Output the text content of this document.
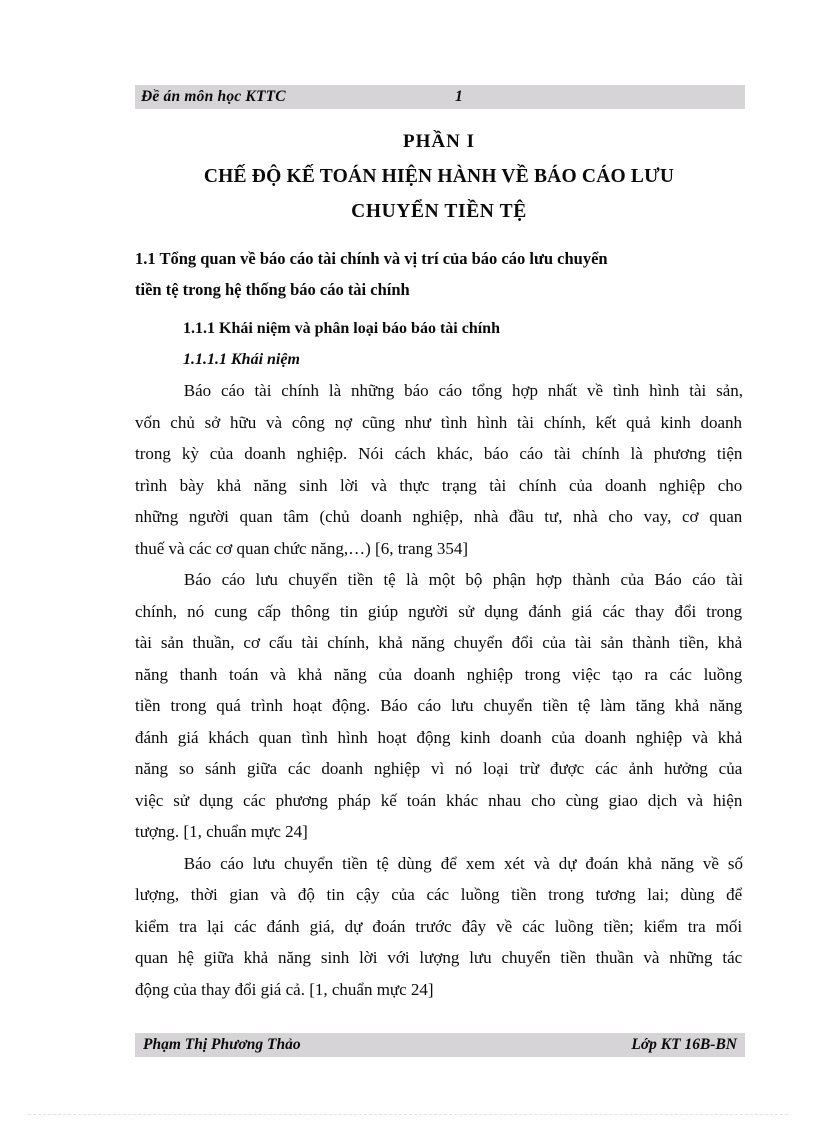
Đề án môn học KTTC	1
PHẦN I
CHẾ ĐỘ KẾ TOÁN HIỆN HÀNH VỀ BÁO CÁO LƯU
CHUYỂN TIỀN TỆ
1.1 Tổng quan về báo cáo tài chính và vị trí của báo cáo lưu chuyển
tiền tệ trong hệ thống báo cáo tài chính
1.1.1 Khái niệm và phân loại báo báo tài chính
1.1.1.1 Khái niệm
Báo cáo tài chính là những báo cáo tổng hợp nhất về tình hình tài sản,
vốn chủ sở hữu và công nợ cũng như tình hình tài chính, kết quả kinh doanh
trong kỳ của doanh nghiệp. Nói cách khác, báo cáo tài chính là phương tiện
trình bày khả năng sinh lời và thực trạng tài chính của doanh nghiệp cho
những người quan tâm (chủ doanh nghiệp, nhà đầu tư, nhà cho vay, cơ quan
thuế và các cơ quan chức năng,…) [6, trang 354]
Báo cáo lưu chuyển tiền tệ là một bộ phận hợp thành của Báo cáo tài
chính, nó cung cấp thông tin giúp người sử dụng đánh giá các thay đổi trong
tài sản thuần, cơ cấu tài chính, khả năng chuyển đổi của tài sản thành tiền, khả
năng thanh toán và khả năng của doanh nghiệp trong việc tạo ra các luồng
tiền trong quá trình hoạt động. Báo cáo lưu chuyển tiền tệ làm tăng khả năng
đánh giá khách quan tình hình hoạt động kinh doanh của doanh nghiệp và khả
năng so sánh giữa các doanh nghiệp vì nó loại trừ được các ảnh hưởng của
việc sử dụng các phương pháp kế toán khác nhau cho cùng giao dịch và hiện
tượng. [1, chuẩn mực 24]
Báo cáo lưu chuyển tiền tệ dùng để xem xét và dự đoán khả năng về số
lượng, thời gian và độ tin cậy của các luồng tiền trong tương lai; dùng để
kiểm tra lại các đánh giá, dự đoán trước đây về các luồng tiền; kiểm tra mối
quan hệ giữa khả năng sinh lời với lượng lưu chuyển tiền thuần và những tác
động của thay đổi giá cả. [1, chuẩn mực 24]
Phạm Thị Phương Thảo	Lớp KT 16B-BN
